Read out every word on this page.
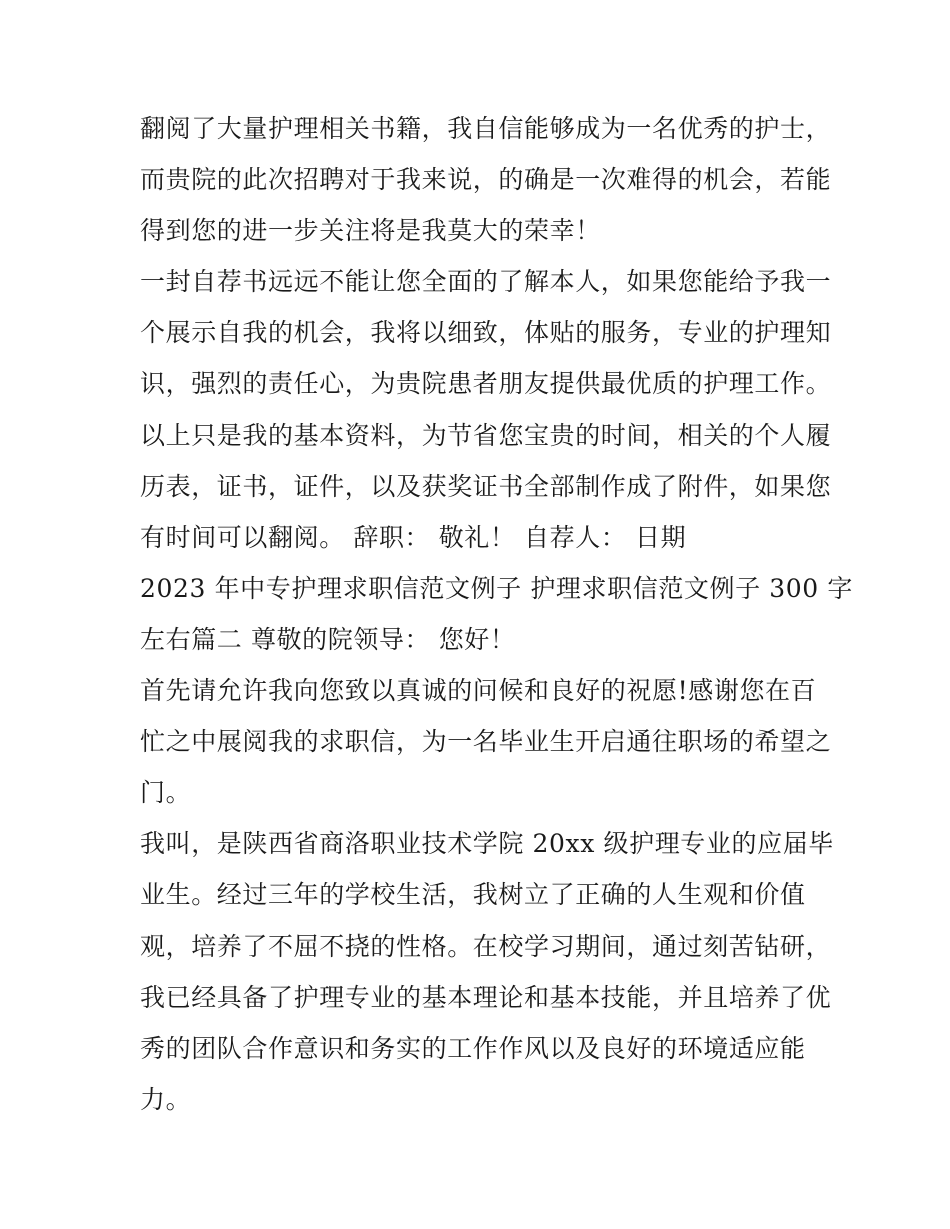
翻阅了大量护理相关书籍，我自信能够成为一名优秀的护士，
而贵院的此次招聘对于我来说，的确是一次难得的机会，若能
得到您的进一步关注将是我莫大的荣幸！
一封自荐书远远不能让您全面的了解本人，如果您能给予我一
个展示自我的机会，我将以细致，体贴的服务，专业的护理知
识，强烈的责任心，为贵院患者朋友提供最优质的护理工作。
以上只是我的基本资料，为节省您宝贵的时间，相关的个人履
历表，证书，证件，以及获奖证书全部制作成了附件，如果您
有时间可以翻阅。 辞职： 敬礼！ 自荐人： 日期
2023 年中专护理求职信范文例子 护理求职信范文例子 300 字
左右篇二 尊敬的院领导： 您好！
首先请允许我向您致以真诚的问候和良好的祝愿!感谢您在百
忙之中展阅我的求职信，为一名毕业生开启通往职场的希望之
门。
我叫，是陕西省商洛职业技术学院 20xx 级护理专业的应届毕
业生。经过三年的学校生活，我树立了正确的人生观和价值
观，培养了不屈不挠的性格。在校学习期间，通过刻苦钻研，
我已经具备了护理专业的基本理论和基本技能，并且培养了优
秀的团队合作意识和务实的工作作风以及良好的环境适应能
力。
